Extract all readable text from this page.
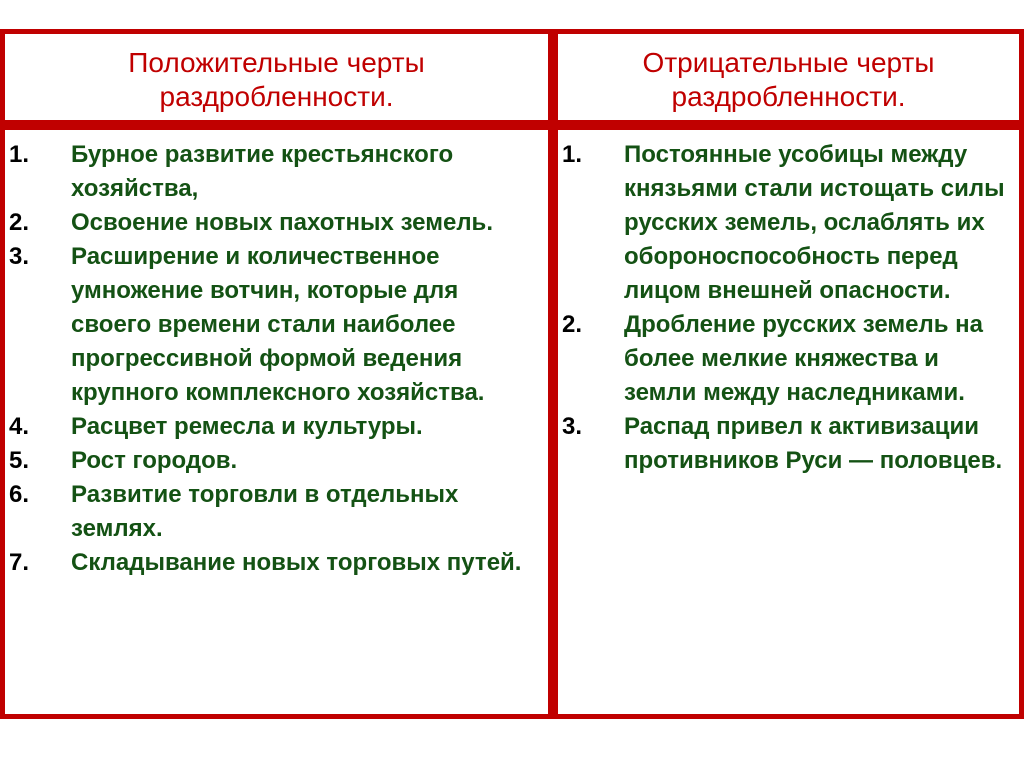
Положительные черты
раздробленности.
Отрицательные черты
раздробленности.
1. Бурное развитие крестьянского хозяйства,
2. Освоение новых пахотных земель.
3. Расширение и количественное умножение вотчин, которые для своего времени стали наиболее прогрессивной формой ведения крупного комплексного хозяйства.
4. Расцвет ремесла и культуры.
5. Рост городов.
6. Развитие торговли в отдельных землях.
7. Складывание новых торговых путей.
1. Постоянные усобицы между князьями стали истощать силы русских земель, ослаблять их обороноспособность перед лицом внешней опасности.
2. Дробление русских земель на более мелкие княжества и земли между наследниками.
3. Распад привел к активизации противников Руси — половцев.
